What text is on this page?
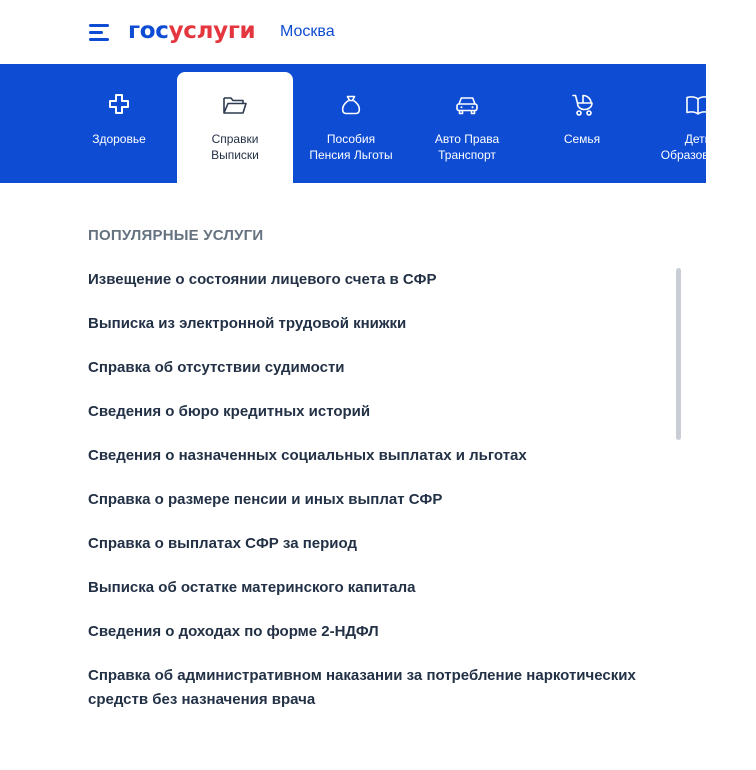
госуслуги Москва
Здоровье	Справки
Выписки
Пособия
Пенсия Льготы
Авто Права
Транспорт
Семья	Дети
Образование
ПОПУЛЯРНЫЕ УСЛУГИ
Извещение о состоянии лицевого счета в СФР
Выписка из электронной трудовой книжки
Справка об отсутствии судимости
Сведения о бюро кредитных историй
Сведения о назначенных социальных выплатах и льготах
Справка о размере пенсии и иных выплат СФР
Справка о выплатах СФР за период
Выписка об остатке материнского капитала
Сведения о доходах по форме 2-НДФЛ
Справка об административном наказании за потребление наркотических средств без назначения врача
